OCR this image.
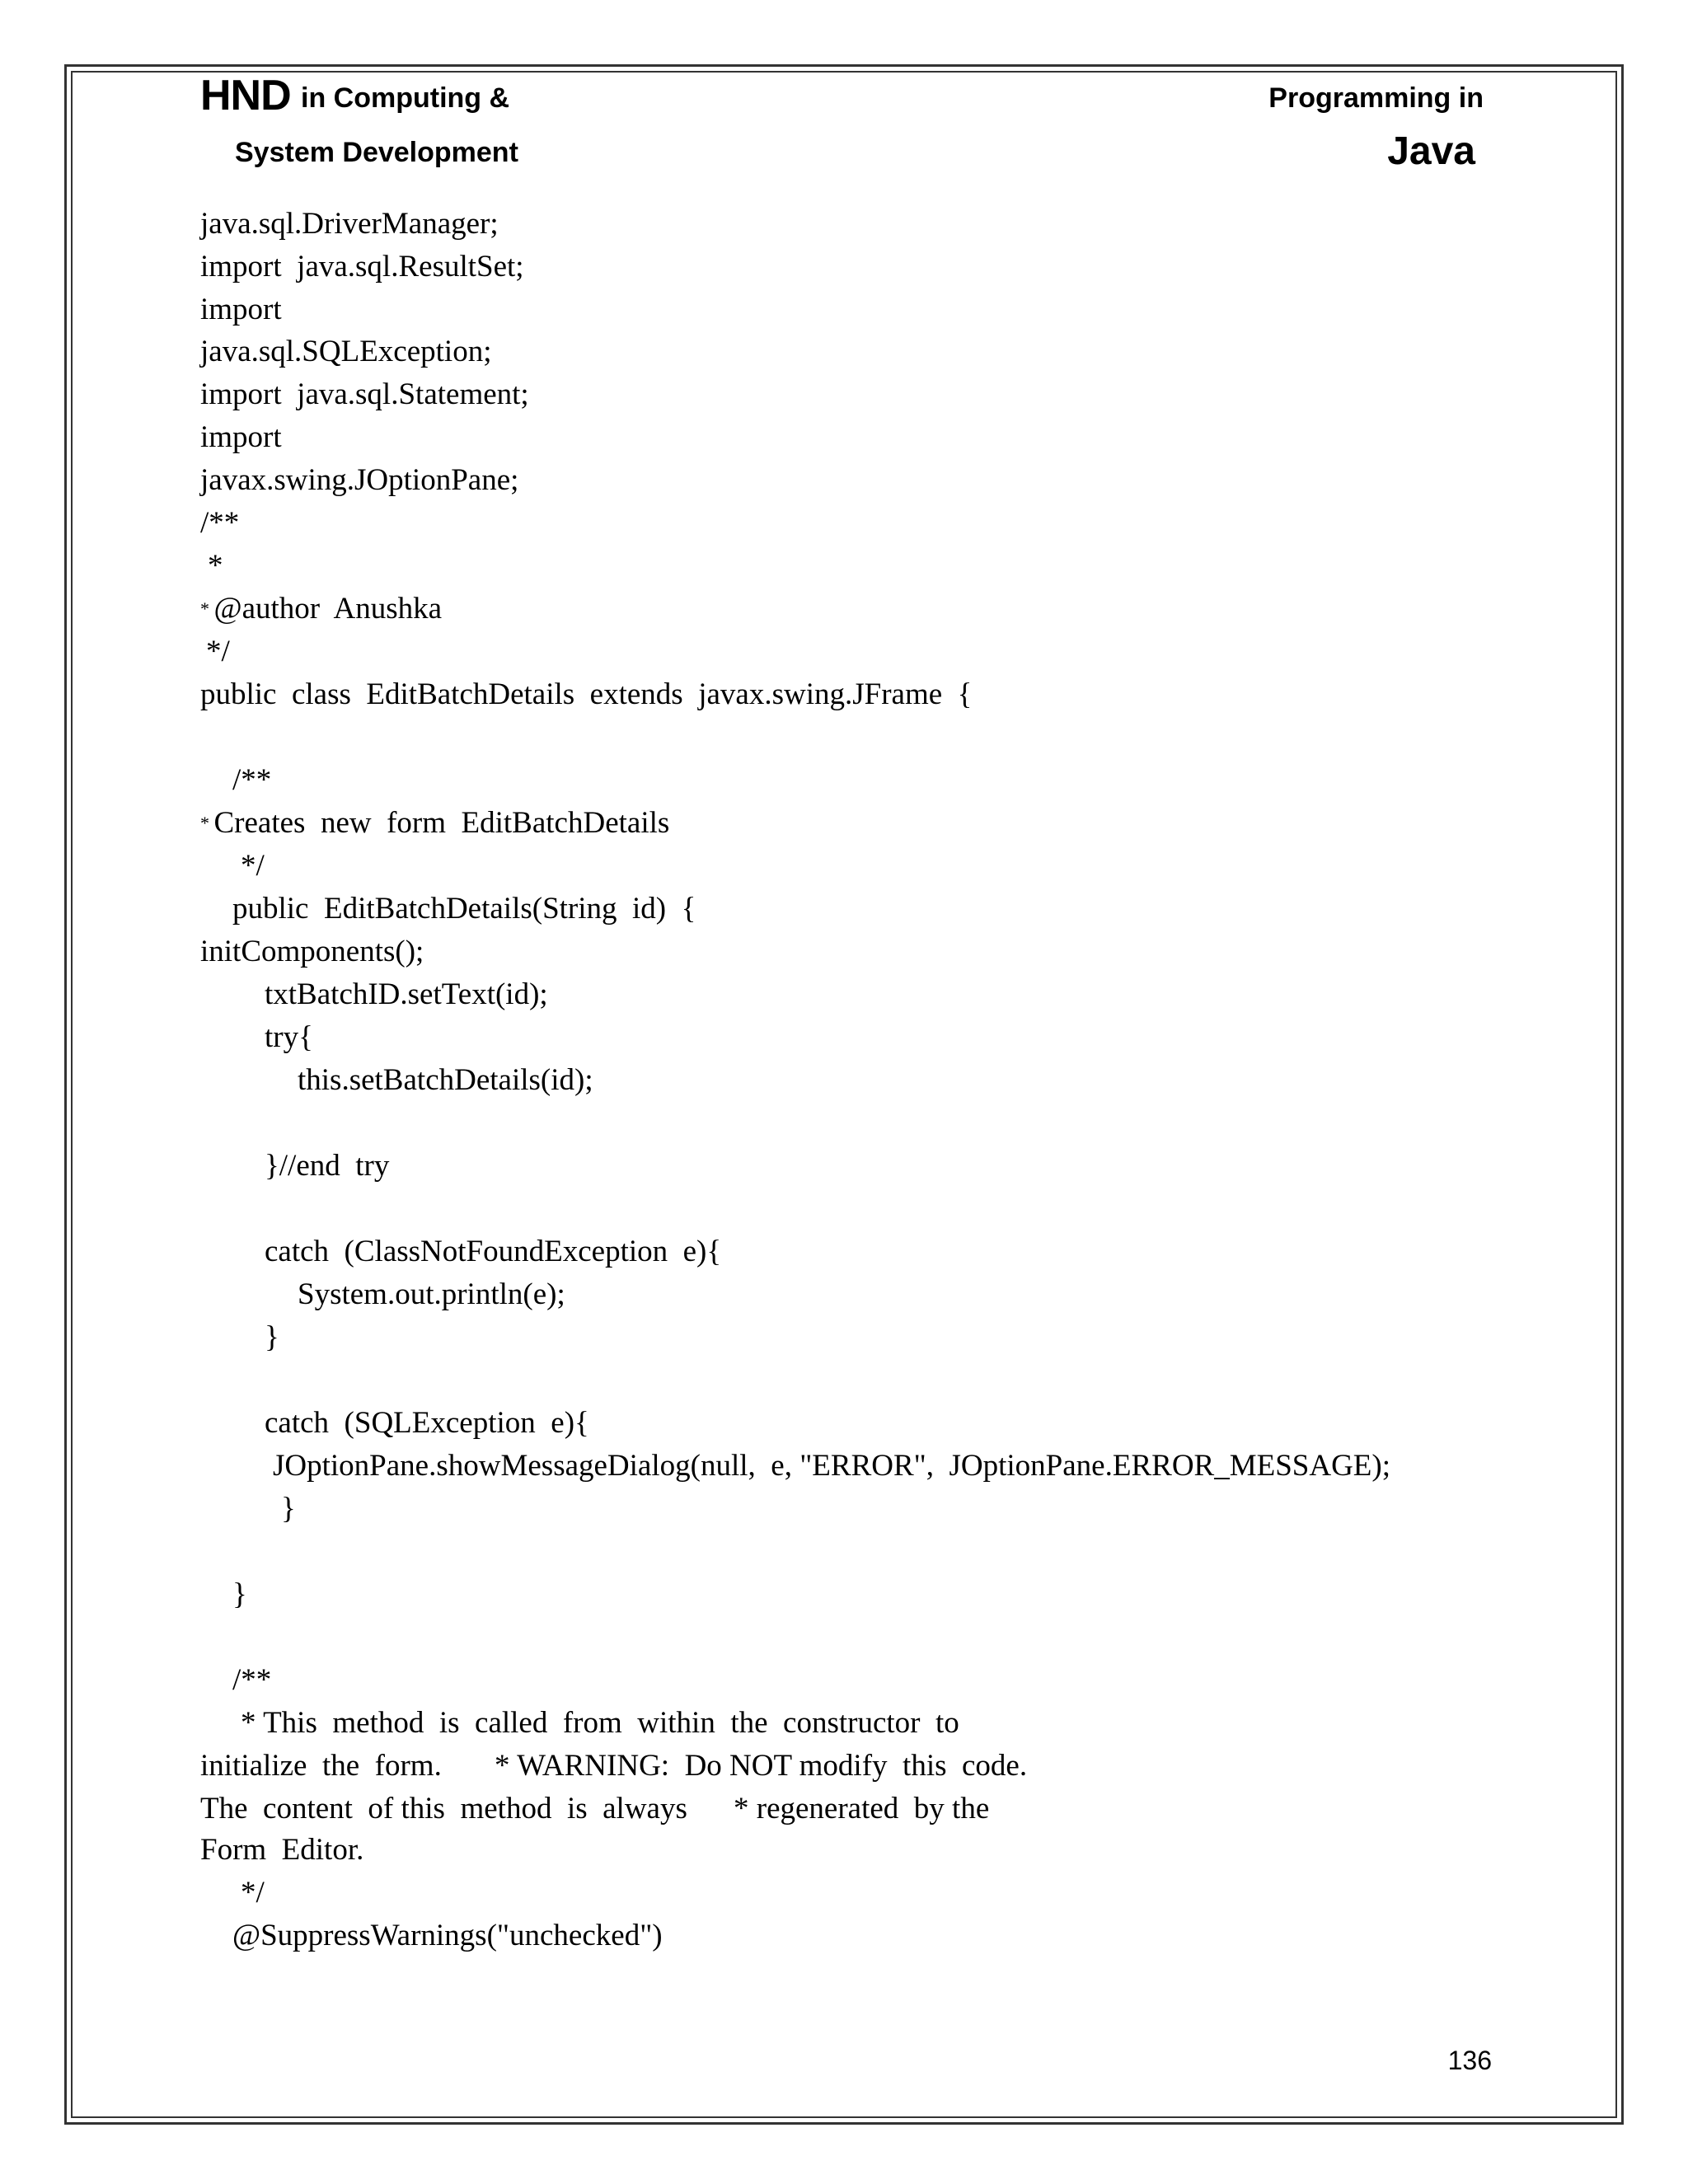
HND in Computing &
System Development
Programming in
Java
java.sql.DriverManager;
import  java.sql.ResultSet;
import
java.sql.SQLException;
import  java.sql.Statement;
import
javax.swing.JOptionPane;
/**
*
* @author  Anushka
*/
public  class  EditBatchDetails  extends  javax.swing.JFrame  {
/**
* Creates  new  form  EditBatchDetails
*/
public  EditBatchDetails(String  id)  {
initComponents();
txtBatchID.setText(id);
try{
this.setBatchDetails(id);
}//end  try
catch  (ClassNotFoundException  e){
System.out.println(e);
}
catch  (SQLException  e){
JOptionPane.showMessageDialog(null,  e, "ERROR",  JOptionPane.ERROR_MESSAGE);
}
}
/**
* This  method  is  called  from  within  the  constructor  to
initialize  the  form. * WARNING:  Do NOT modify  this  code.
The  content  of this  method  is  always * regenerated  by the
Form  Editor.
*/
@SuppressWarnings("unchecked")
136
